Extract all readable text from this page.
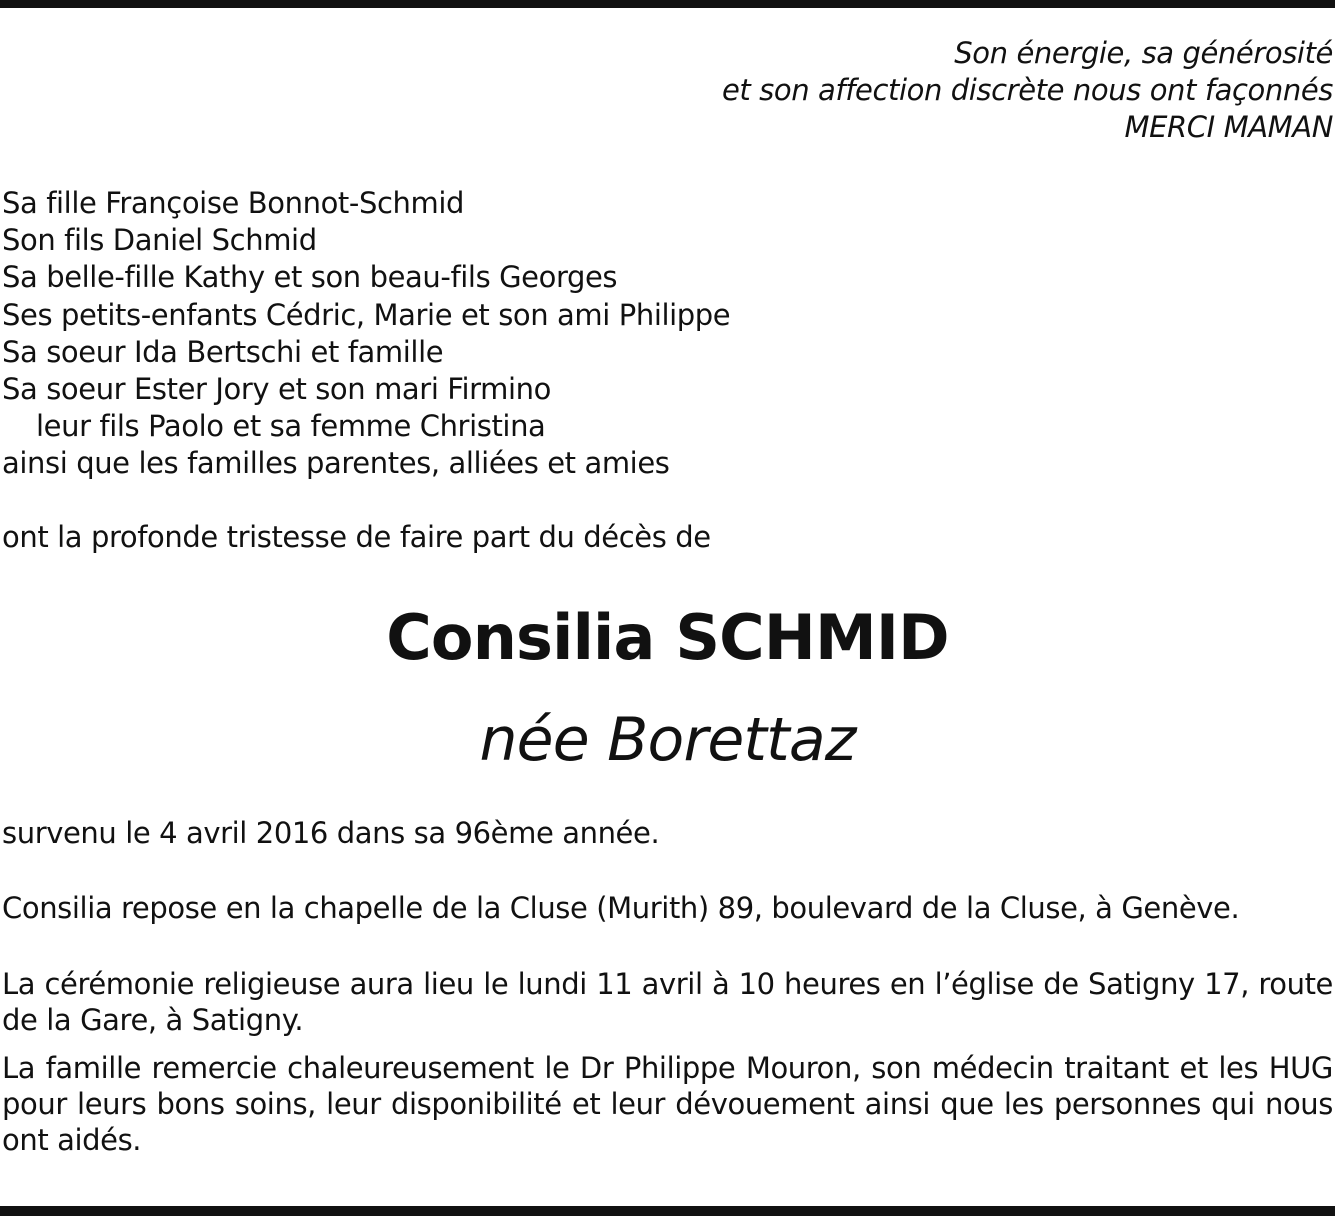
Son énergie, sa générosité
et son affection discrète nous ont façonnés
MERCI MAMAN
Sa fille Françoise Bonnot-Schmid
Son fils Daniel Schmid
Sa belle-fille Kathy et son beau-fils Georges
Ses petits-enfants Cédric, Marie et son ami Philippe
Sa soeur Ida Bertschi et famille
Sa soeur Ester Jory et son mari Firmino
leur fils Paolo et sa femme Christina
ainsi que les familles parentes, alliées et amies
ont la profonde tristesse de faire part du décès de
Consilia SCHMID
née Borettaz
survenu le 4 avril 2016 dans sa 96ème année.
Consilia repose en la chapelle de la Cluse (Murith) 89, boulevard de la Cluse, à Genève.
La cérémonie religieuse aura lieu le lundi 11 avril à 10 heures en l’église de Satigny 17, route de la Gare, à Satigny.
La famille remercie chaleureusement le Dr Philippe Mouron, son médecin traitant et les HUG pour leurs bons soins, leur disponibilité et leur dévouement ainsi que les personnes qui nous ont aidés.
